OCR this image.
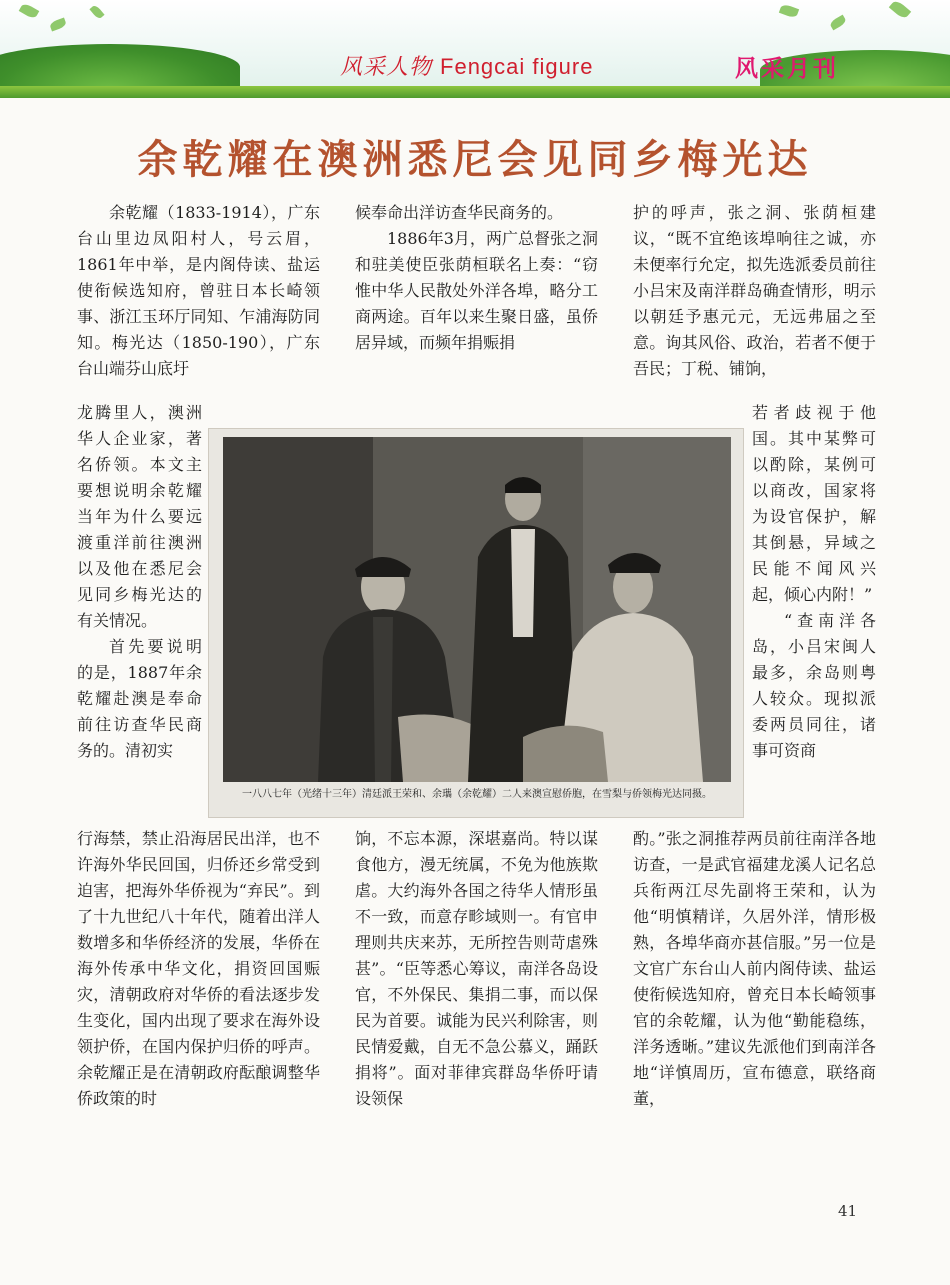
风采人物 Fengcai figure	风采月刊
余乾耀在澳洲悉尼会见同乡梅光达

余乾耀（1833-1914），广东台山里边凤阳村人，号云眉，1861年中举，是内阁侍读、盐运使衔候选知府，曾驻日本长崎领事、浙江玉环厅同知、乍浦海防同知。梅光达（1850-190），广东台山端芬山底圩

龙腾里人，澳洲华人企业家，著名侨领。本文主要想说明余乾耀当年为什么要远渡重洋前往澳洲以及他在悉尼会见同乡梅光达的有关情况。

首先要说明的是，1887年余乾耀赴澳是奉命前往访查华民商务的。清初实

行海禁，禁止沿海居民出洋，也不许海外华民回国，归侨还乡常受到迫害，把海外华侨视为“弃民”。到了十九世纪八十年代，随着出洋人数增多和华侨经济的发展，华侨在海外传承中华文化，捐资回国赈灾，清朝政府对华侨的看法逐步发生变化，国内出现了要求在海外设领护侨，在国内保护归侨的呼声。余乾耀正是在清朝政府酝酿调整华侨政策的时

候奉命出洋访查华民商务的。

1886年3月，两广总督张之洞和驻美使臣张荫桓联名上奏：“窃惟中华人民散处外洋各埠，略分工商两途。百年以来生聚日盛，虽侨居异域，而频年捐赈捐

饷，不忘本源，深堪嘉尚。特以谋食他方，漫无统属，不免为他族欺虐。大约海外各国之待华人情形虽不一致，而意存畛域则一。有官申理则共庆来苏，无所控告则苛虐殊甚”。“臣等悉心筹议，南洋各岛设官，不外保民、集捐二事，而以保民为首要。诚能为民兴利除害，则民情爱戴，自无不急公慕义，踊跃捐将”。面对菲律宾群岛华侨吁请设领保

护的呼声，张之洞、张荫桓建议，“既不宜绝该埠响往之诚，亦未便率行允定，拟先选派委员前往小吕宋及南洋群岛确查情形，明示以朝廷予惠元元，无远弗届之至意。询其风俗、政治，若者不便于吾民；丁税、铺饷，

若者歧视于他国。其中某弊可以酌除，某例可以商改，国家将为设官保护，解其倒悬，异域之民能不闻风兴起，倾心内附！”

“查南洋各岛，小吕宋闽人最多，余岛则粤人较众。现拟派委两员同往，诸事可资商

酌。”张之洞推荐两员前往南洋各地访查，一是武官福建龙溪人记名总兵衔两江尽先副将王荣和，认为他“明慎精详，久居外洋，情形极熟，各埠华商亦甚信服。”另一位是文官广东台山人前内阁侍读、盐运使衔候选知府，曾充日本长崎领事官的余乾耀，认为他“勤能稳练，洋务透晰。”建议先派他们到南洋各地“详慎周历，宣布德意，联络商董，

一八八七年（光绪十三年）清廷派王荣和、余瓗（余乾耀）二人来澳宣慰侨胞，在雪梨与侨领梅光达同摄。
41
